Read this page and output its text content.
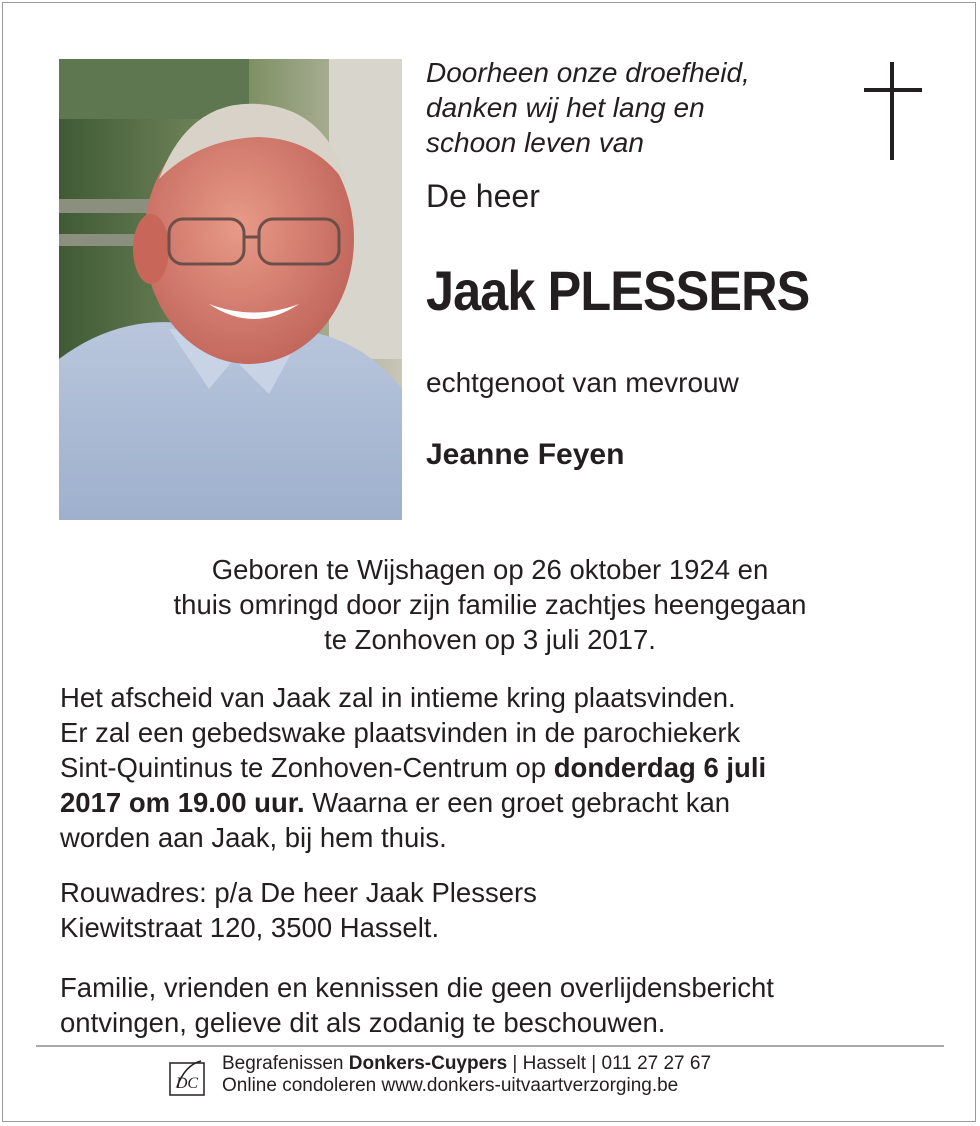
Doorheen onze droefheid,
danken wij het lang en
schoon leven van

De heer

Jaak PLESSERS

echtgenoot van mevrouw

Jeanne Feyen

Geboren te Wijshagen op 26 oktober 1924 en
thuis omringd door zijn familie zachtjes heengegaan
te Zonhoven op 3 juli 2017.

Het afscheid van Jaak zal in intieme kring plaatsvinden.
Er zal een gebedswake plaatsvinden in de parochiekerk
Sint-Quintinus te Zonhoven-Centrum op donderdag 6 juli
2017 om 19.00 uur. Waarna er een groet gebracht kan
worden aan Jaak, bij hem thuis.

Rouwadres: p/a De heer Jaak Plessers
Kiewitstraat 120, 3500 Hasselt.

Familie, vrienden en kennissen die geen overlijdensbericht
ontvingen, gelieve dit als zodanig te beschouwen.

DC
Begrafenissen Donkers-Cuypers | Hasselt | 011 27 27 67
Online condoleren www.donkers-uitvaartverzorging.be
